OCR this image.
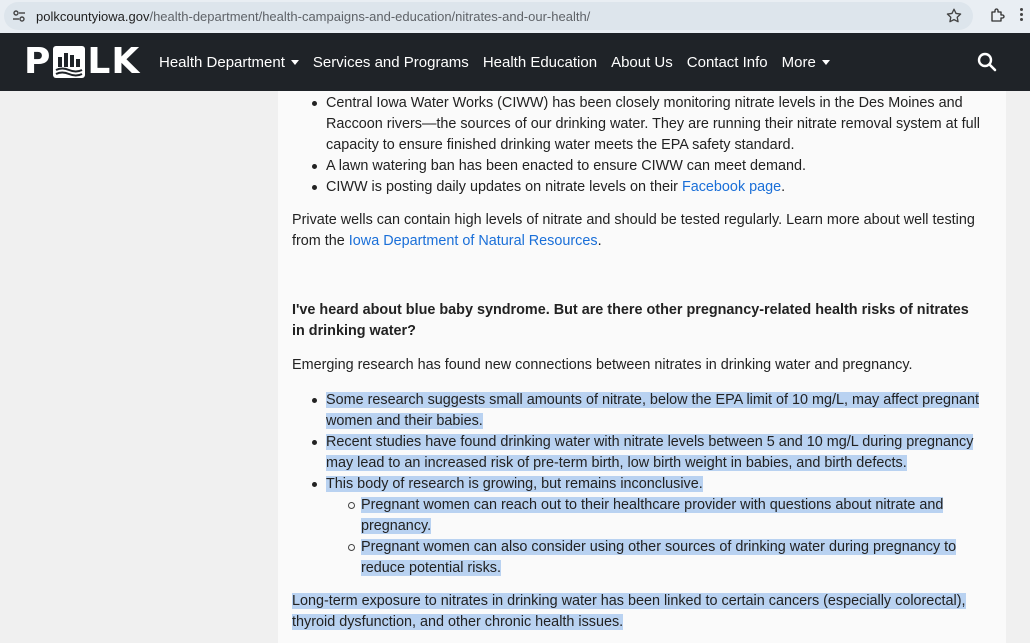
polkcountyiowa.gov/health-department/health-campaigns-and-education/nitrates-and-our-health/
P LK Health Department Services and Programs Health Education About Us Contact Info More
Central Iowa Water Works (CIWW) has been closely monitoring nitrate levels in the Des Moines and Raccoon rivers—the sources of our drinking water. They are running their nitrate removal system at full capacity to ensure finished drinking water meets the EPA safety standard.
A lawn watering ban has been enacted to ensure CIWW can meet demand.
CIWW is posting daily updates on nitrate levels on their Facebook page.

Private wells can contain high levels of nitrate and should be tested regularly. Learn more about well testing from the Iowa Department of Natural Resources.

I've heard about blue baby syndrome. But are there other pregnancy-related health risks of nitrates in drinking water?

Emerging research has found new connections between nitrates in drinking water and pregnancy.

Some research suggests small amounts of nitrate, below the EPA limit of 10 mg/L, may affect pregnant women and their babies.
Recent studies have found drinking water with nitrate levels between 5 and 10 mg/L during pregnancy may lead to an increased risk of pre-term birth, low birth weight in babies, and birth defects.
This body of research is growing, but remains inconclusive.
Pregnant women can reach out to their healthcare provider with questions about nitrate and pregnancy.
Pregnant women can also consider using other sources of drinking water during pregnancy to reduce potential risks.

Long-term exposure to nitrates in drinking water has been linked to certain cancers (especially colorectal), thyroid dysfunction, and other chronic health issues.
